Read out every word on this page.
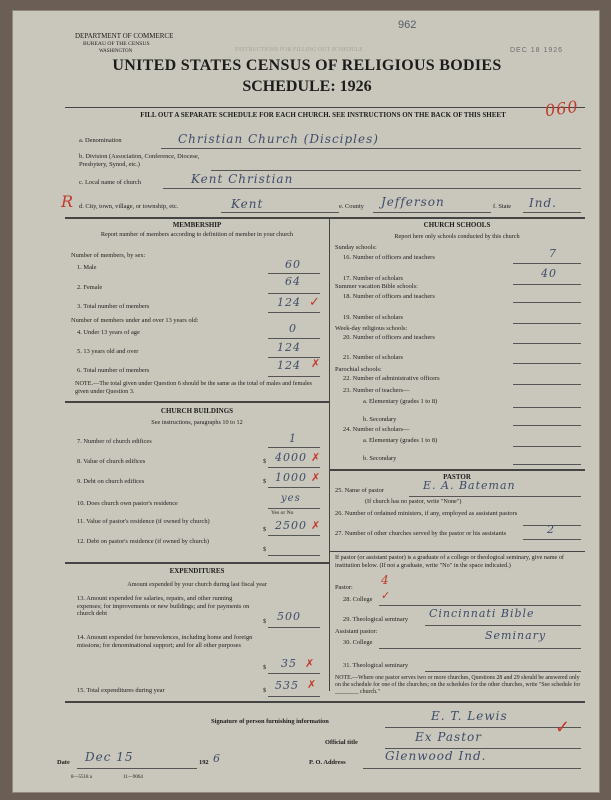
DEPARTMENT OF COMMERCE
BUREAU OF THE CENSUS
WASHINGTON
962
DEC 18 1926
INSTRUCTIONS FOR FILLING OUT SCHEDULE
UNITED STATES CENSUS OF RELIGIOUS BODIES
SCHEDULE: 1926
FILL OUT A SEPARATE SCHEDULE FOR EACH CHURCH. SEE INSTRUCTIONS ON THE BACK OF THIS SHEET	060
a. Denomination	Christian Church (Disciples)
b. Division (Association, Conference, Diocese, Presbytery, Synod, etc.)
c. Local name of church	Kent Christian
R d. City, town, village, or township, etc.	Kent	e. County Jefferson	f. State Ind.
MEMBERSHIP
Report number of members according to definition of member in your church
Number of members, by sex:
1. Male	60
2. Female	64
3. Total number of members	124 ✓
Number of members under and over 13 years old:
4. Under 13 years of age	0
5. 13 years old and over	124
6. Total number of members	124 ✗
NOTE.—The total given under Question 6 should be the same as the total of males and females given under Question 3.
CHURCH BUILDINGS
See instructions, paragraphs 10 to 12
7. Number of church edifices	1
8. Value of church edifices	$ 4000 ✗
9. Debt on church edifices	$ 1000 ✗
10. Does church own pastor's residence	yes
Yes or No
11. Value of pastor's residence (if owned by church)
$ 2500 ✗
12. Debt on pastor's residence (if owned by church)
$
EXPENDITURES
Amount expended by your church during last fiscal year
13. Amount expended for salaries, repairs, and other running expenses; for improvements or new buildings; and for payments on church debt
$ 500
14. Amount expended for benevolences, including home and foreign missions; for denominational support; and for all other purposes
$ 35 ✗
15. Total expenditures during year	$ 535 ✗
CHURCH SCHOOLS
Report here only schools conducted by this church
Sunday schools:
16. Number of officers and teachers	7
17. Number of scholars	40
Summer vacation Bible schools:
18. Number of officers and teachers
19. Number of scholars
Week-day religious schools:
20. Number of officers and teachers
21. Number of scholars
Parochial schools:
22. Number of administrative officers
23. Number of teachers—
a. Elementary (grades 1 to 8)
b. Secondary
24. Number of scholars—
a. Elementary (grades 1 to 8)
b. Secondary
PASTOR
25. Name of pastor	E. A. Bateman
(If church has no pastor, write "None")
26. Number of ordained ministers, if any, employed as assistant pastors
27. Number of other churches served by the pastor or his assistants	2
If pastor (or assistant pastor) is a graduate of a college or theological seminary, give name of institution below. (If not a graduate, write "No" in the space indicated.)
Pastor:
4
28. College ✓
29. Theological seminary Cincinnati Bible
Seminary
Assistant pastor:
30. College
31. Theological seminary
NOTE.—Where one pastor serves two or more churches, Questions 28 and 29 should be answered only on the schedule for one of the churches; on the schedules for the other churches, write "See schedule for ________ church."
Signature of person furnishing information	E. T. Lewis
Official title	Ex Pastor	✓
Date Dec 15	192 6	P. O. Address	Glenwood Ind.
8—5518 a	11—9064
